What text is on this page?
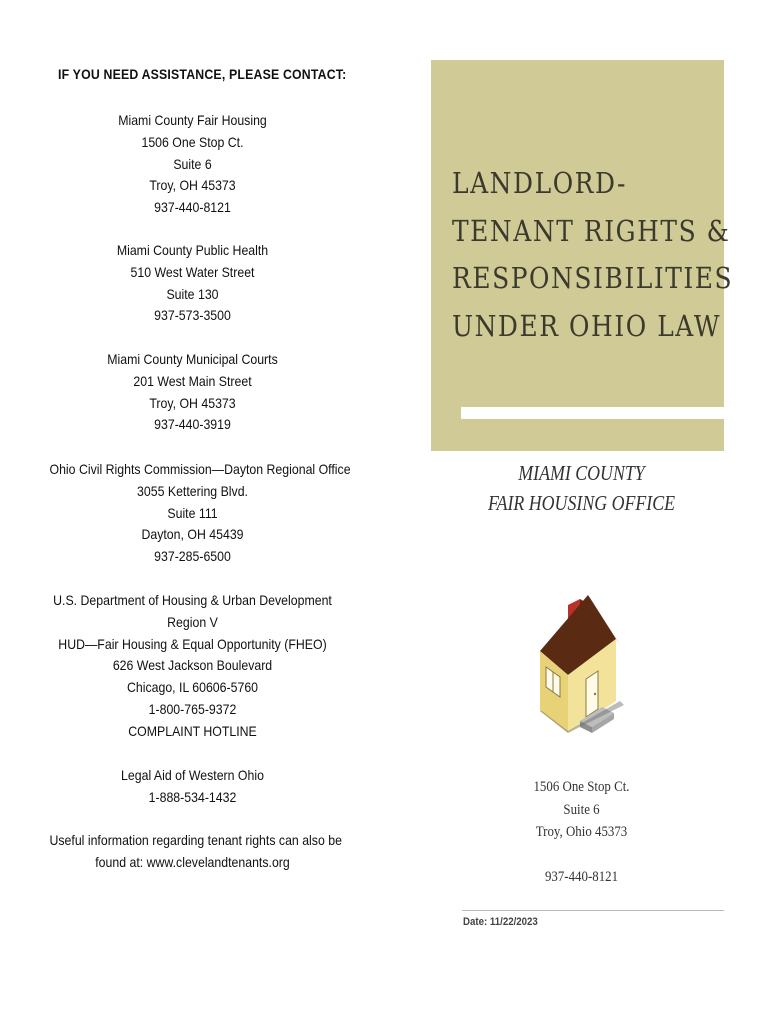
IF YOU NEED ASSISTANCE, PLEASE CONTACT:
Miami County Fair Housing
1506 One Stop Ct.
Suite 6
Troy, OH 45373
937-440-8121
Miami County Public Health
510 West Water Street
Suite 130
937-573-3500
Miami County Municipal Courts
201 West Main Street
Troy, OH 45373
937-440-3919
Ohio Civil Rights Commission—Dayton Regional Office
3055 Kettering Blvd.
Suite 111
Dayton, OH 45439
937-285-6500
U.S. Department of Housing & Urban Development
Region V
HUD—Fair Housing & Equal Opportunity (FHEO)
626 West Jackson Boulevard
Chicago, IL 60606-5760
1-800-765-9372
COMPLAINT HOTLINE
Legal Aid of Western Ohio
1-888-534-1432
Useful information regarding tenant rights can also be
found at: www.clevelandtenants.org
LANDLORD-
TENANT RIGHTS &
RESPONSIBILITIES
UNDER OHIO LAW
MIAMI COUNTY
FAIR HOUSING OFFICE
1506 One Stop Ct.
Suite 6
Troy, Ohio 45373
937-440-8121
Date: 11/22/2023
